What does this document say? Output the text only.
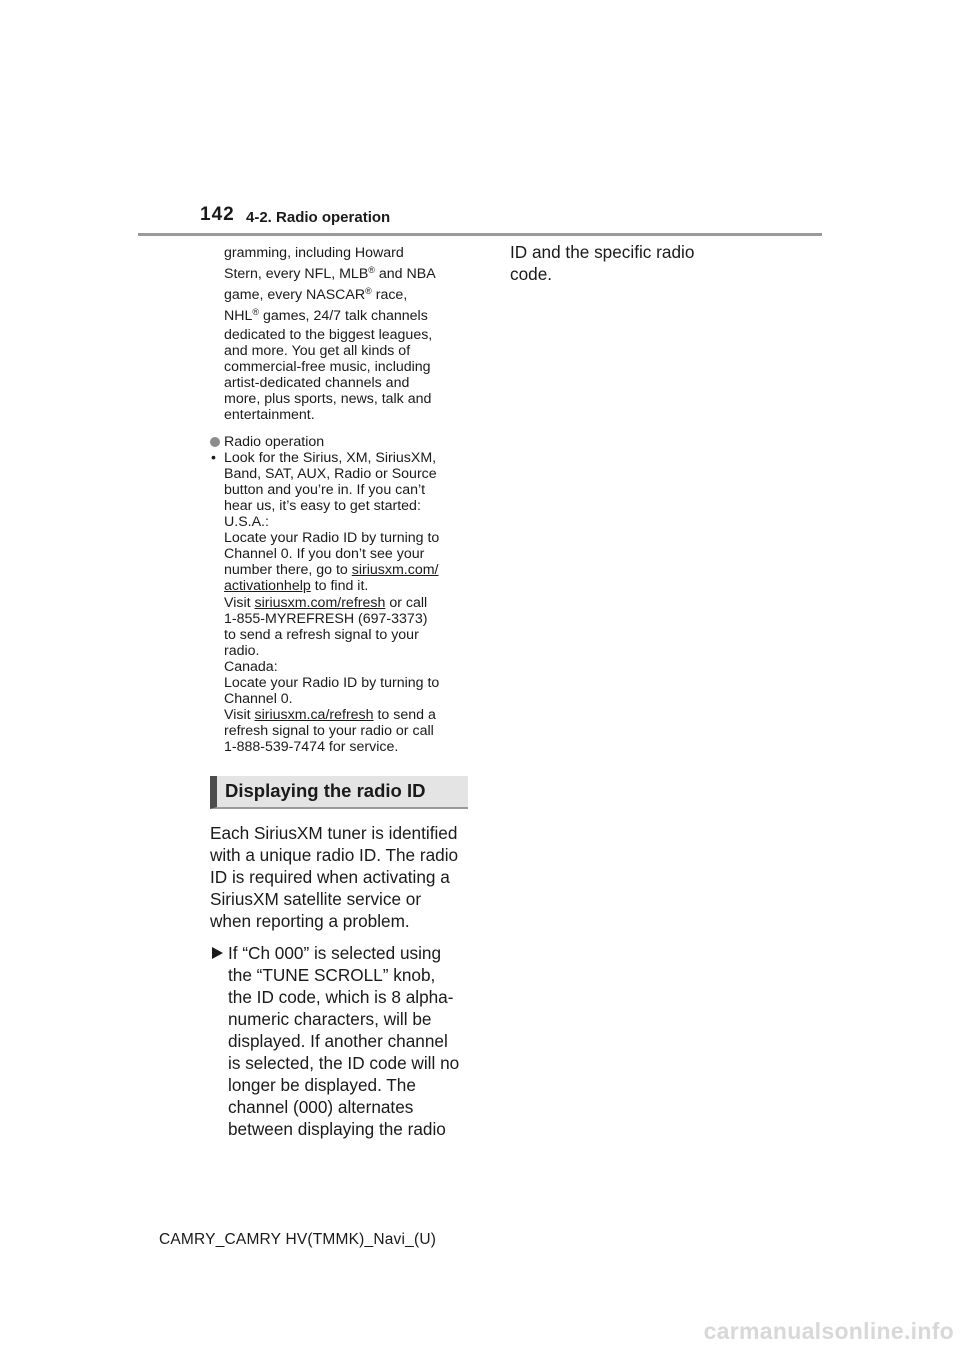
142 4-2. Radio operation
gramming, including Howard
Stern, every NFL, MLB® and NBA
game, every NASCAR® race,
NHL® games, 24/7 talk channels
dedicated to the biggest leagues,
and more. You get all kinds of
commercial-free music, including
artist-dedicated channels and
more, plus sports, news, talk and
entertainment.
Radio operation
• Look for the Sirius, XM, SiriusXM,
Band, SAT, AUX, Radio or Source
button and you’re in. If you can’t
hear us, it’s easy to get started:
U.S.A.:
Locate your Radio ID by turning to
Channel 0. If you don’t see your
number there, go to siriusxm.com/
activationhelp to find it.
Visit siriusxm.com/refresh or call
1-855-MYREFRESH (697-3373)
to send a refresh signal to your
radio.
Canada:
Locate your Radio ID by turning to
Channel 0.
Visit siriusxm.ca/refresh to send a
refresh signal to your radio or call
1-888-539-7474 for service.
Displaying the radio ID
Each SiriusXM tuner is identified
with a unique radio ID. The radio
ID is required when activating a
SiriusXM satellite service or
when reporting a problem.
If “Ch 000” is selected using
the “TUNE SCROLL” knob,
the ID code, which is 8 alpha-
numeric characters, will be
displayed. If another channel
is selected, the ID code will no
longer be displayed. The
channel (000) alternates
between displaying the radio
ID and the specific radio
code.
CAMRY_CAMRY HV(TMMK)_Navi_(U)
carmanualsonline.info
